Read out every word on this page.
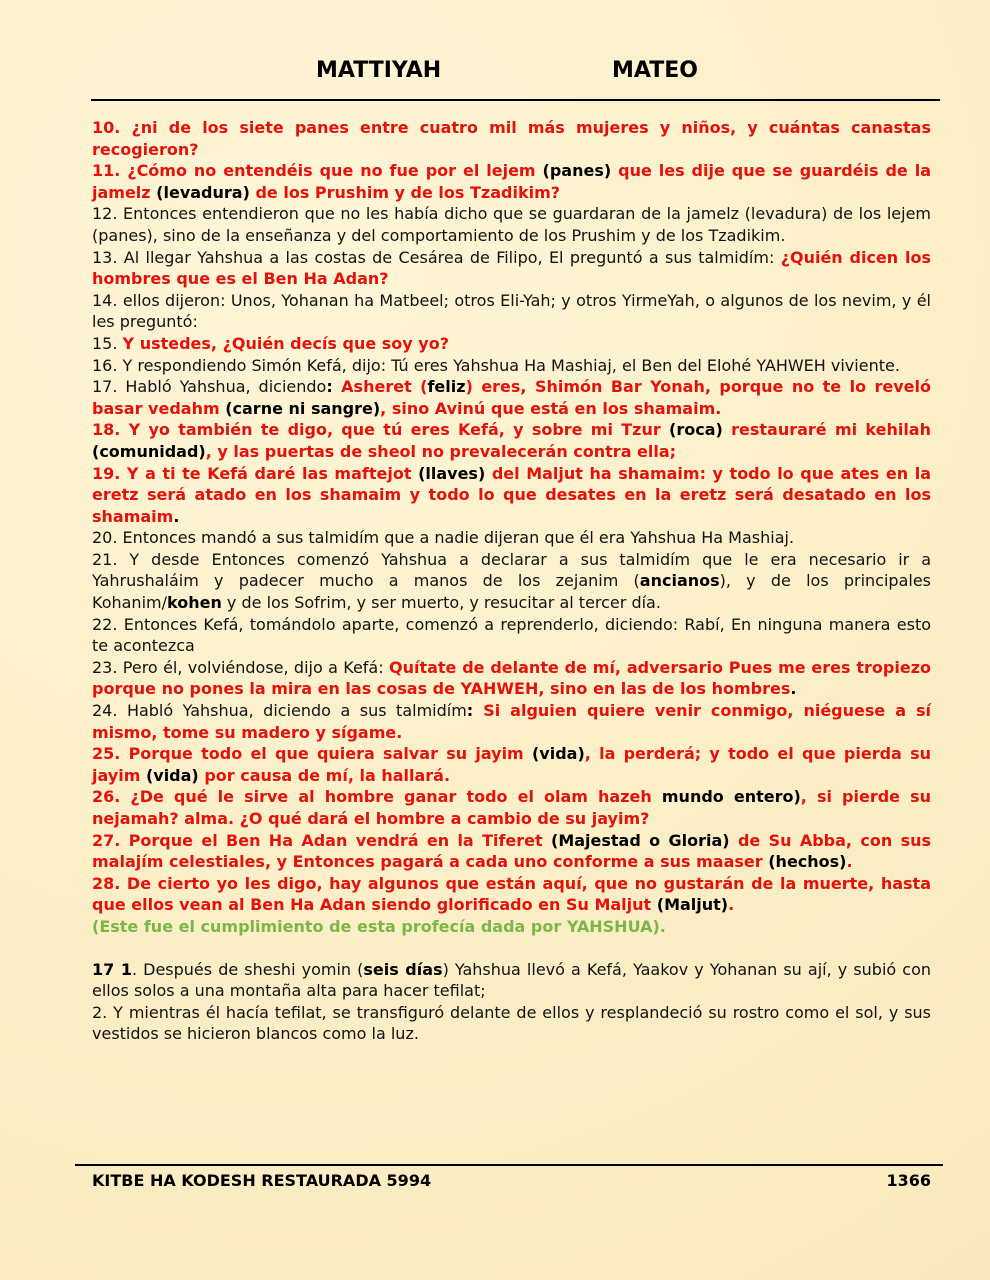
MATTIYAH	MATEO

10. ¿ni de los siete panes entre cuatro mil más mujeres y niños, y cuántas canastas recogieron?

11. ¿Cómo no entendéis que no fue por el lejem (panes) que les dije que se guardéis de la jamelz (levadura) de los Prushim y de los Tzadikim?

12. Entonces entendieron que no les había dicho que se guardaran de la jamelz (levadura) de los lejem (panes), sino de la enseñanza y del comportamiento de los Prushim y de los Tzadikim.

13. Al llegar Yahshua a las costas de Cesárea de Filipo, El preguntó a sus talmidím: ¿Quién dicen los hombres que es el Ben Ha Adan?

14. ellos dijeron: Unos, Yohanan ha Matbeel; otros Eli-Yah; y otros YirmeYah, o algunos de los nevim, y él les preguntó:

15. Y ustedes, ¿Quién decís que soy yo?

16. Y respondiendo Simón Kefá, dijo: Tú eres Yahshua Ha Mashiaj, el Ben del Elohé YAHWEH viviente.

17. Habló Yahshua, diciendo: Asheret (feliz) eres, Shimón Bar Yonah, porque no te lo reveló basar vedahm (carne ni sangre), sino Avinú que está en los shamaim.

18. Y yo también te digo, que tú eres Kefá, y sobre mi Tzur (roca) restauraré mi kehilah (comunidad), y las puertas de sheol no prevalecerán contra ella;

19. Y a ti te Kefá daré las maftejot (llaves) del Maljut ha shamaim: y todo lo que ates en la eretz será atado en los shamaim y todo lo que desates en la eretz será desatado en los shamaim.

20. Entonces mandó a sus talmidím que a nadie dijeran que él era Yahshua Ha Mashiaj.

21. Y desde Entonces comenzó Yahshua a declarar a sus talmidím que le era necesario ir a Yahrushaláim y padecer mucho a manos de los zejanim (ancianos), y de los principales Kohanim/kohen y de los Sofrim, y ser muerto, y resucitar al tercer día.

22. Entonces Kefá, tomándolo aparte, comenzó a reprenderlo, diciendo: Rabí, En ninguna manera esto te acontezca

23. Pero él, volviéndose, dijo a Kefá: Quítate de delante de mí, adversario Pues me eres tropiezo porque no pones la mira en las cosas de YAHWEH, sino en las de los hombres.

24. Habló Yahshua, diciendo a sus talmidím: Si alguien quiere venir conmigo, niéguese a sí mismo, tome su madero y sígame.

25. Porque todo el que quiera salvar su jayim (vida), la perderá; y todo el que pierda su jayim (vida) por causa de mí, la hallará.

26. ¿De qué le sirve al hombre ganar todo el olam hazeh mundo entero), si pierde su nejamah? alma. ¿O qué dará el hombre a cambio de su jayim?

27. Porque el Ben Ha Adan vendrá en la Tiferet (Majestad o Gloria) de Su Abba, con sus malajím celestiales, y Entonces pagará a cada uno conforme a sus maaser (hechos).

28. De cierto yo les digo, hay algunos que están aquí, que no gustarán de la muerte, hasta que ellos vean al Ben Ha Adan siendo glorificado en Su Maljut (Maljut).

(Este fue el cumplimiento de esta profecía dada por YAHSHUA).

17 1. Después de sheshi yomin (seis días) Yahshua llevó a Kefá, Yaakov y Yohanan su ají, y subió con ellos solos a una montaña alta para hacer tefilat;

2. Y mientras él hacía tefilat, se transfiguró delante de ellos y resplandeció su rostro como el sol, y sus vestidos se hicieron blancos como la luz.

KITBE HA KODESH RESTAURADA 5994	1366
